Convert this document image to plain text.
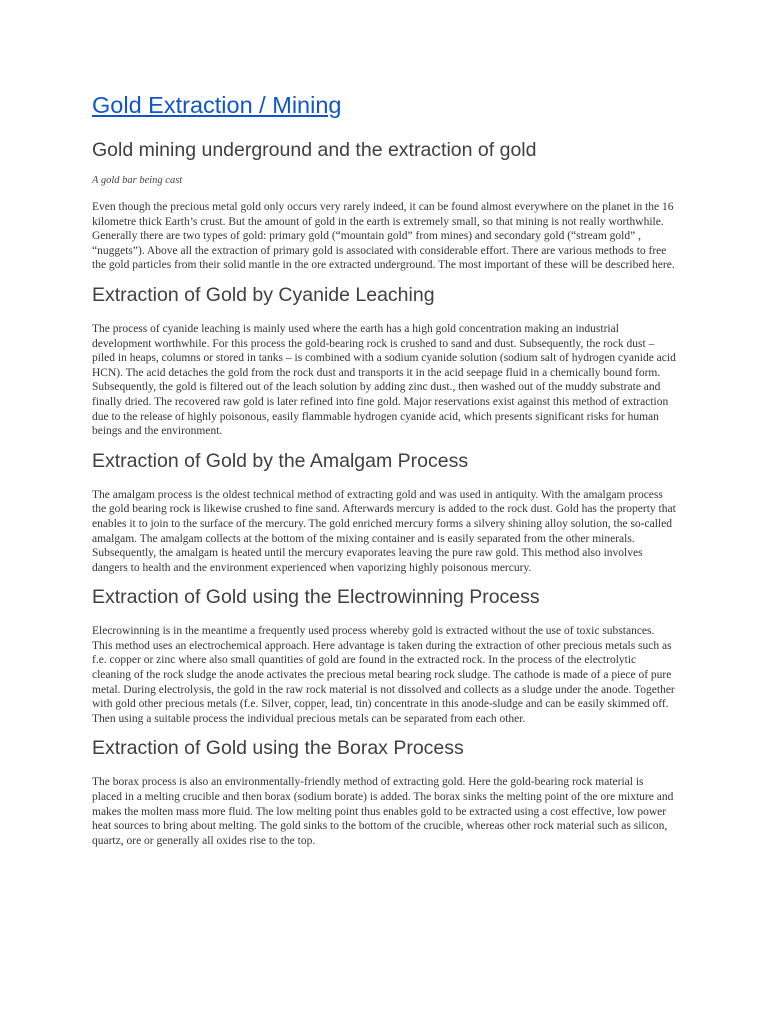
Gold Extraction / Mining
Gold mining underground and the extraction of gold

A gold bar being cast

Even though the precious metal gold only occurs very rarely indeed, it can be found almost everywhere on the planet in the 16 kilometre thick Earth’s crust. But the amount of gold in the earth is extremely small, so that mining is not really worthwhile. Generally there are two types of gold: primary gold (“mountain gold” from mines) and secondary gold (“stream gold” , “nuggets”). Above all the extraction of primary gold is associated with considerable effort. There are various methods to free the gold particles from their solid mantle in the ore extracted underground. The most important of these will be described here.

Extraction of Gold by Cyanide Leaching

The process of cyanide leaching is mainly used where the earth has a high gold concentration making an industrial development worthwhile. For this process the gold-bearing rock is crushed to sand and dust. Subsequently, the rock dust – piled in heaps, columns or stored in tanks – is combined with a sodium cyanide solution (sodium salt of hydrogen cyanide acid HCN). The acid detaches the gold from the rock dust and transports it in the acid seepage fluid in a chemically bound form. Subsequently, the gold is filtered out of the leach solution by adding zinc dust., then washed out of the muddy substrate and finally dried. The recovered raw gold is later refined into fine gold. Major reservations exist against this method of extraction due to the release of highly poisonous, easily flammable hydrogen cyanide acid, which presents significant risks for human beings and the environment.

Extraction of Gold by the Amalgam Process

The amalgam process is the oldest technical method of extracting gold and was used in antiquity. With the amalgam process the gold bearing rock is likewise crushed to fine sand. Afterwards mercury is added to the rock dust. Gold has the property that enables it to join to the surface of the mercury. The gold enriched mercury forms a silvery shining alloy solution, the so-called amalgam. The amalgam collects at the bottom of the mixing container and is easily separated from the other minerals. Subsequently, the amalgam is heated until the mercury evaporates leaving the pure raw gold. This method also involves dangers to health and the environment experienced when vaporizing highly poisonous mercury.

Extraction of Gold using the Electrowinning Process

Elecrowinning is in the meantime a frequently used process whereby gold is extracted without the use of toxic substances. This method uses an electrochemical approach. Here advantage is taken during the extraction of other precious metals such as f.e. copper or zinc where also small quantities of gold are found in the extracted rock. In the process of the electrolytic cleaning of the rock sludge the anode activates the precious metal bearing rock sludge. The cathode is made of a piece of pure metal. During electrolysis, the gold in the raw rock material is not dissolved and collects as a sludge under the anode. Together with gold other precious metals (f.e. Silver, copper, lead, tin) concentrate in this anode-sludge and can be easily skimmed off. Then using a suitable process the individual precious metals can be separated from each other.

Extraction of Gold using the Borax Process

The borax process is also an environmentally-friendly method of extracting gold. Here the gold-bearing rock material is placed in a melting crucible and then borax (sodium borate) is added. The borax sinks the melting point of the ore mixture and makes the molten mass more fluid. The low melting point thus enables gold to be extracted using a cost effective, low power heat sources to bring about melting. The gold sinks to the bottom of the crucible, whereas other rock material such as silicon, quartz, ore or generally all oxides rise to the top.
